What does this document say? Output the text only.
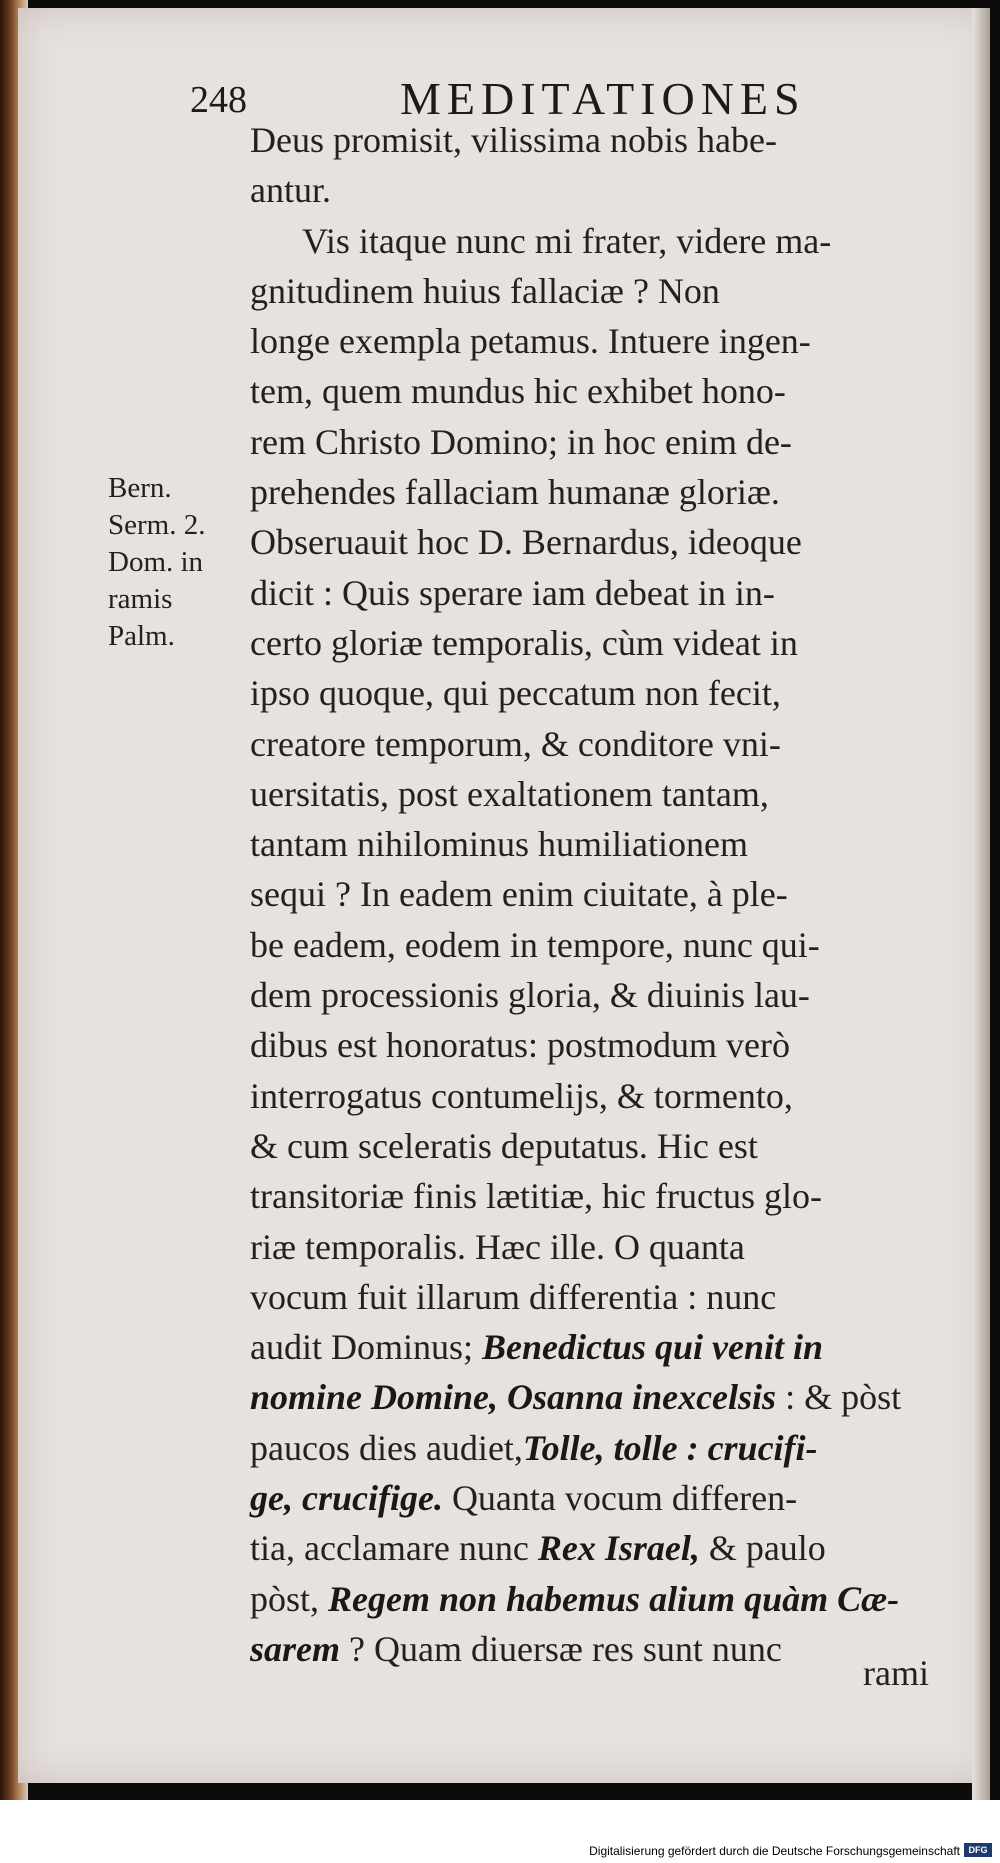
248	MEDITATIONES
Bern.
Serm. 2.
Dom. in
ramis
Palm.
Deus promisit, vilissima nobis habe-
antur.
Vis itaque nunc mi frater, videre ma-
gnitudinem huius fallaciæ ? Non
longe exempla petamus. Intuere ingen-
tem, quem mundus hic exhibet hono-
rem Christo Domino; in hoc enim de-
prehendes fallaciam humanæ gloriæ.
Obseruauit hoc D. Bernardus, ideoque
dicit : Quis sperare iam debeat in in-
certo gloriæ temporalis, cùm videat in
ipso quoque, qui peccatum non fecit,
creatore temporum, & conditore vni-
uersitatis, post exaltationem tantam,
tantam nihilominus humiliationem
sequi ? In eadem enim ciuitate, à ple-
be eadem, eodem in tempore, nunc qui-
dem processionis gloria, & diuinis lau-
dibus est honoratus: postmodum verò
interrogatus contumelijs, & tormento,
& cum sceleratis deputatus. Hic est
transitoriæ finis lætitiæ, hic fructus glo-
riæ temporalis. Hæc ille. O quanta
vocum fuit illarum differentia : nunc
audit Dominus; Benedictus qui venit in
nomine Domine, Osanna inexcelsis : & pòst
paucos dies audiet,Tolle, tolle : crucifi-
ge, crucifige. Quanta vocum differen-
tia, acclamare nunc Rex Israel, & paulo
pòst, Regem non habemus alium quàm Cæ-
sarem ? Quam diuersæ res sunt nunc
rami
Digitalisierung gefördert durch die Deutsche Forschungsgemeinschaft DFG
